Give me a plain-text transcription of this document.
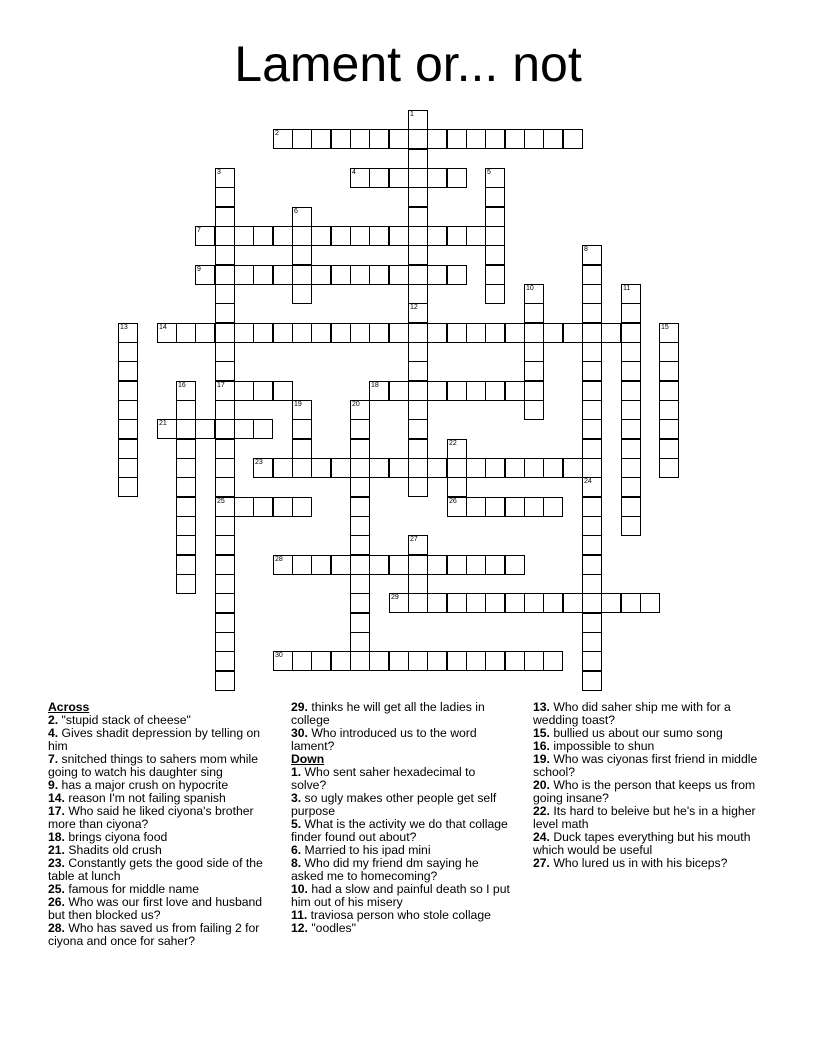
Lament or... not
1
12
2
3
17
25
4	5
6
7
8
9
10	11
13	14	15
16	18
19	20
21
22
26
23
24
27
28
29
30
Across
2. "stupid stack of cheese"
4. Gives shadit depression by telling on him
7. snitched things to sahers mom while going to watch his daughter sing
9. has a major crush on hypocrite
14. reason I'm not failing spanish
17. Who said he liked ciyona's brother more than ciyona?
18. brings ciyona food
21. Shadits old crush
23. Constantly gets the good side of the table at lunch
25. famous for middle name
26. Who was our first love and husband but then blocked us?
28. Who has saved us from failing 2 for ciyona and once for saher?
29. thinks he will get all the ladies in college
30. Who introduced us to the word lament?
Down
1. Who sent saher hexadecimal to solve?
3. so ugly makes other people get self purpose
5. What is the activity we do that collage finder found out about?
6. Married to his ipad mini
8. Who did my friend dm saying he asked me to homecoming?
10. had a slow and painful death so I put him out of his misery
11. traviosa person who stole collage
12. "oodles"
13. Who did saher ship me with for a wedding toast?
15. bullied us about our sumo song
16. impossible to shun
19. Who was ciyonas first friend in middle school?
20. Who is the person that keeps us from going insane?
22. Its hard to beleive but he's in a higher level math
24. Duck tapes everything but his mouth which would be useful
27. Who lured us in with his biceps?
